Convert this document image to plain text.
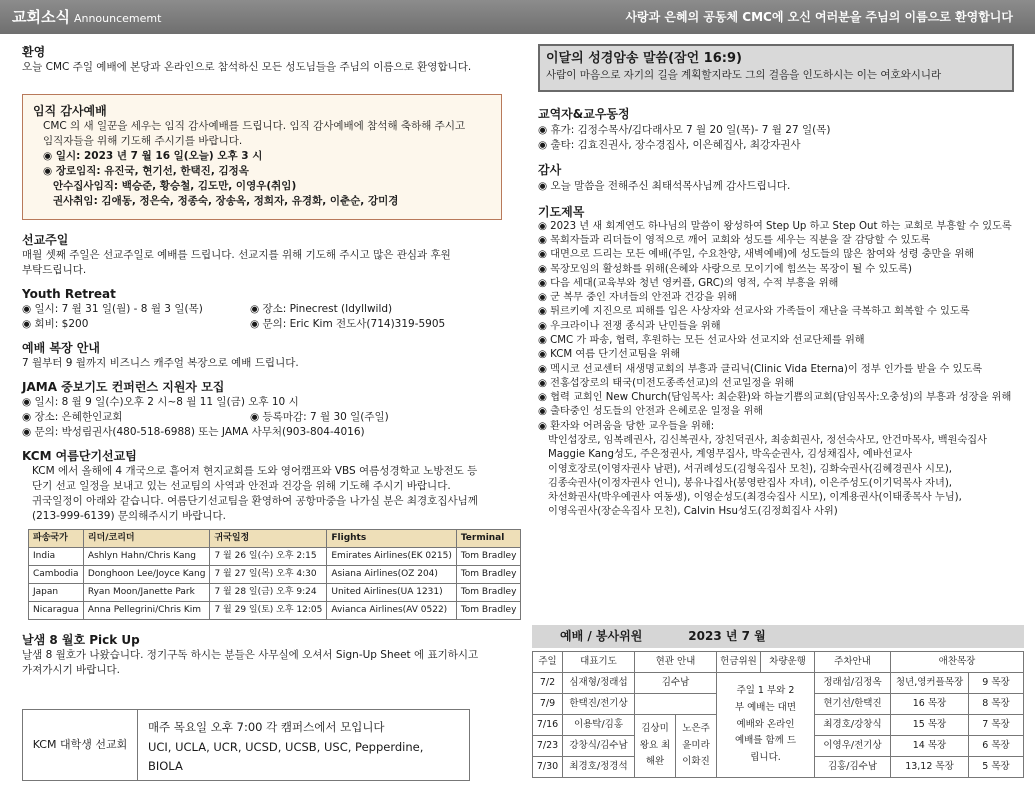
교회소식 Announcememt	사랑과 은혜의 공동체 CMC에 오신 여러분을 주님의 이름으로 환영합니다
환영

오늘 CMC 주일 예배에 본당과 온라인으로 참석하신 모든 성도님들을 주님의 이름으로 환영합니다.

임직 감사예배

CMC 의 새 일꾼을 세우는 임직 감사예배를 드립니다. 임직 감사예배에 참석해 축하해 주시고

임직자들을 위해 기도해 주시기를 바랍니다.

◉ 일시: 2023 년 7 월 16 일(오늘) 오후 3 시

◉ 장로임직: 유진국, 현기선, 한택진, 김정옥

안수집사임직: 백승준, 황승철, 김도만, 이영우(취임)

권사취임: 김애동, 정은숙, 정종숙, 장송옥, 정희자, 유경화, 이춘순, 강미경

선교주일

매월 셋째 주일은 선교주일로 예배를 드립니다. 선교지를 위해 기도해 주시고 많은 관심과 후원

부탁드립니다.

Youth Retreat
◉ 일시: 7 월 31 일(월) - 8 월 3 일(목)	◉ 장소: Pinecrest (Idyllwild)
◉ 회비: $200	◉ 문의: Eric Kim 전도사(714)319-5905
예배 복장 안내

7 월부터 9 월까지 비즈니스 캐주얼 복장으로 예배 드립니다.

JAMA 중보기도 컨퍼런스 지원자 모집

◉ 일시: 8 월 9 일(수)오후 2 시~8 월 11 일(금) 오후 10 시

◉ 장소: 은혜한인교회	◉ 등록마감: 7 월 30 일(주일)

◉ 문의: 박성림권사(480-518-6988) 또는 JAMA 사무처(903-804-4016)

KCM 여름단기선교팀

KCM 에서 올해에 4 개국으로 흩어져 현지교회를 도와 영어캠프와 VBS 여름성경학교 노방전도 등

단기 선교 일정을 보내고 있는 선교팀의 사역과 안전과 건강을 위해 기도해 주시기 바랍니다.

귀국일정이 아래와 같습니다. 여름단기선교팀을 환영하여 공항마중을 나가실 분은 최경호집사님께

(213-999-6139) 문의해주시기 바랍니다.

파송국가	리더/코리더	귀국일정	Flights	Terminal
India	Ashlyn Hahn/Chris Kang	7 월 26 일(수) 오후 2:15	Emirates Airlines(EK 0215)	Tom Bradley
Cambodia	Donghoon Lee/Joyce Kang	7 월 27 일(목) 오후 4:30	Asiana Airlines(OZ 204)	Tom Bradley
Japan	Ryan Moon/Janette Park	7 월 28 일(금) 오후 9:24	United Airlines(UA 1231)	Tom Bradley
Nicaragua	Anna Pellegrini/Chris Kim	7 월 29 일(토) 오후 12:05	Avianca Airlines(AV 0522)	Tom Bradley
날샘 8 월호 Pick Up

날샘 8 월호가 나왔습니다. 정기구독 하시는 분들은 사무실에 오셔서 Sign-Up Sheet 에 표기하시고

가져가시기 바랍니다.

KCM 대학생 선교회
매주 목요일 오후 7:00 각 캠퍼스에서 모입니다
UCI, UCLA, UCR, UCSD, UCSB, USC, Pepperdine, BIOLA
이달의 성경암송 말씀(잠언 16:9)

사람이 마음으로 자기의 길을 계획할지라도 그의 걸음을 인도하시는 이는 여호와시니라

교역자&교우동정

◉ 휴가: 김정수목사/김다래사모 7 월 20 일(목)- 7 월 27 일(목)

◉ 출타: 김효진권사, 장수경집사, 이은혜집사, 최강자권사

감사

◉ 오늘 말씀을 전해주신 최태석목사님께 감사드립니다.

기도제목
◉ 2023 년 새 회계연도 하나님의 말씀이 왕성하여 Step Up 하고 Step Out 하는 교회로 부흥할 수 있도록
◉ 목회자들과 리더들이 영적으로 깨어 교회와 성도를 세우는 직분을 잘 감당할 수 있도록
◉ 대면으로 드리는 모든 예배(주일, 수요찬양, 새벽예배)에 성도들의 많은 참여와 성령 충만을 위해
◉ 목장모임의 활성화를 위해(은혜와 사랑으로 모이기에 힘쓰는 목장이 될 수 있도록)
◉ 다음 세대(교육부와 청년 영커플, GRC)의 영적, 수적 부흥을 위해
◉ 군 복무 중인 자녀들의 안전과 건강을 위해
◉ 튀르키예 지진으로 피해를 입은 사상자와 선교사와 가족들이 재난을 극복하고 회복할 수 있도록
◉ 우크라이나 전쟁 종식과 난민들을 위해
◉ CMC 가 파송, 협력, 후원하는 모든 선교사와 선교지와 선교단체를 위해
◉ KCM 여름 단기선교팀을 위해
◉ 멕시코 선교센터 새생명교회의 부흥과 클리닉(Clinic Vida Eterna)이 정부 인가를 받을 수 있도록
◉ 전홍섭장로의 태국(미전도종족선교)의 선교일정을 위해
◉ 협력 교회인 New Church(담임목사: 최순환)와 하늘기쁨의교회(담임목사:오충성)의 부흥과 성장을 위해
◉ 출타중인 성도들의 안전과 은혜로운 일정을 위해
◉ 환자와 어려움을 당한 교우들을 위해:
박인섭장로, 임복례권사, 김신복권사, 장친덕권사, 최송희권사, 정선숙사모, 안건마목사, 백원숙집사
Maggie Kang성도, 주은정권사, 계영무집사, 박옥순권사, 김성채집사, 예바선교사
이영호장로(이영자권사 남편), 서귀례성도(김형옥집사 모친), 김화숙권사(김혜경권사 시모),
김종숙권사(이정자권사 언니), 봉유나집사(봉영란집사 자녀), 이은주성도(이기덕목사 자녀),
차선화권사(박우예권사 여동생), 이영순성도(최경숙집사 시모), 이계용권사(이태종목사 누님),
이영옥권사(장순옥집사 모친), Calvin Hsu성도(김정희집사 사위)
예배 / 봉사위원	2023 년 7 월
주일	대표기도	현관 안내		헌금위원	차량운행	주차안내	애찬목장	
7/2	심재형/정래섭	김수남		주일 1 부와 2 부 예배는 대면예배와 온라인예배를 함께 드립니다.		정래섭/김정옥	청년,영커플목장	9 목장
7/9	한택진/전기상					현기선/한택진	16 목장	8 목장
7/16	이용탁/김홍	김상미 왕요 최해완	노은주 윤미라 이화진			최경호/강창식	15 목장	7 목장
7/23	강창식/김수남					이영우/전기상	14 목장	6 목장
7/30	최경호/정경석					김홍/김수남	13,12 목장	5 목장
